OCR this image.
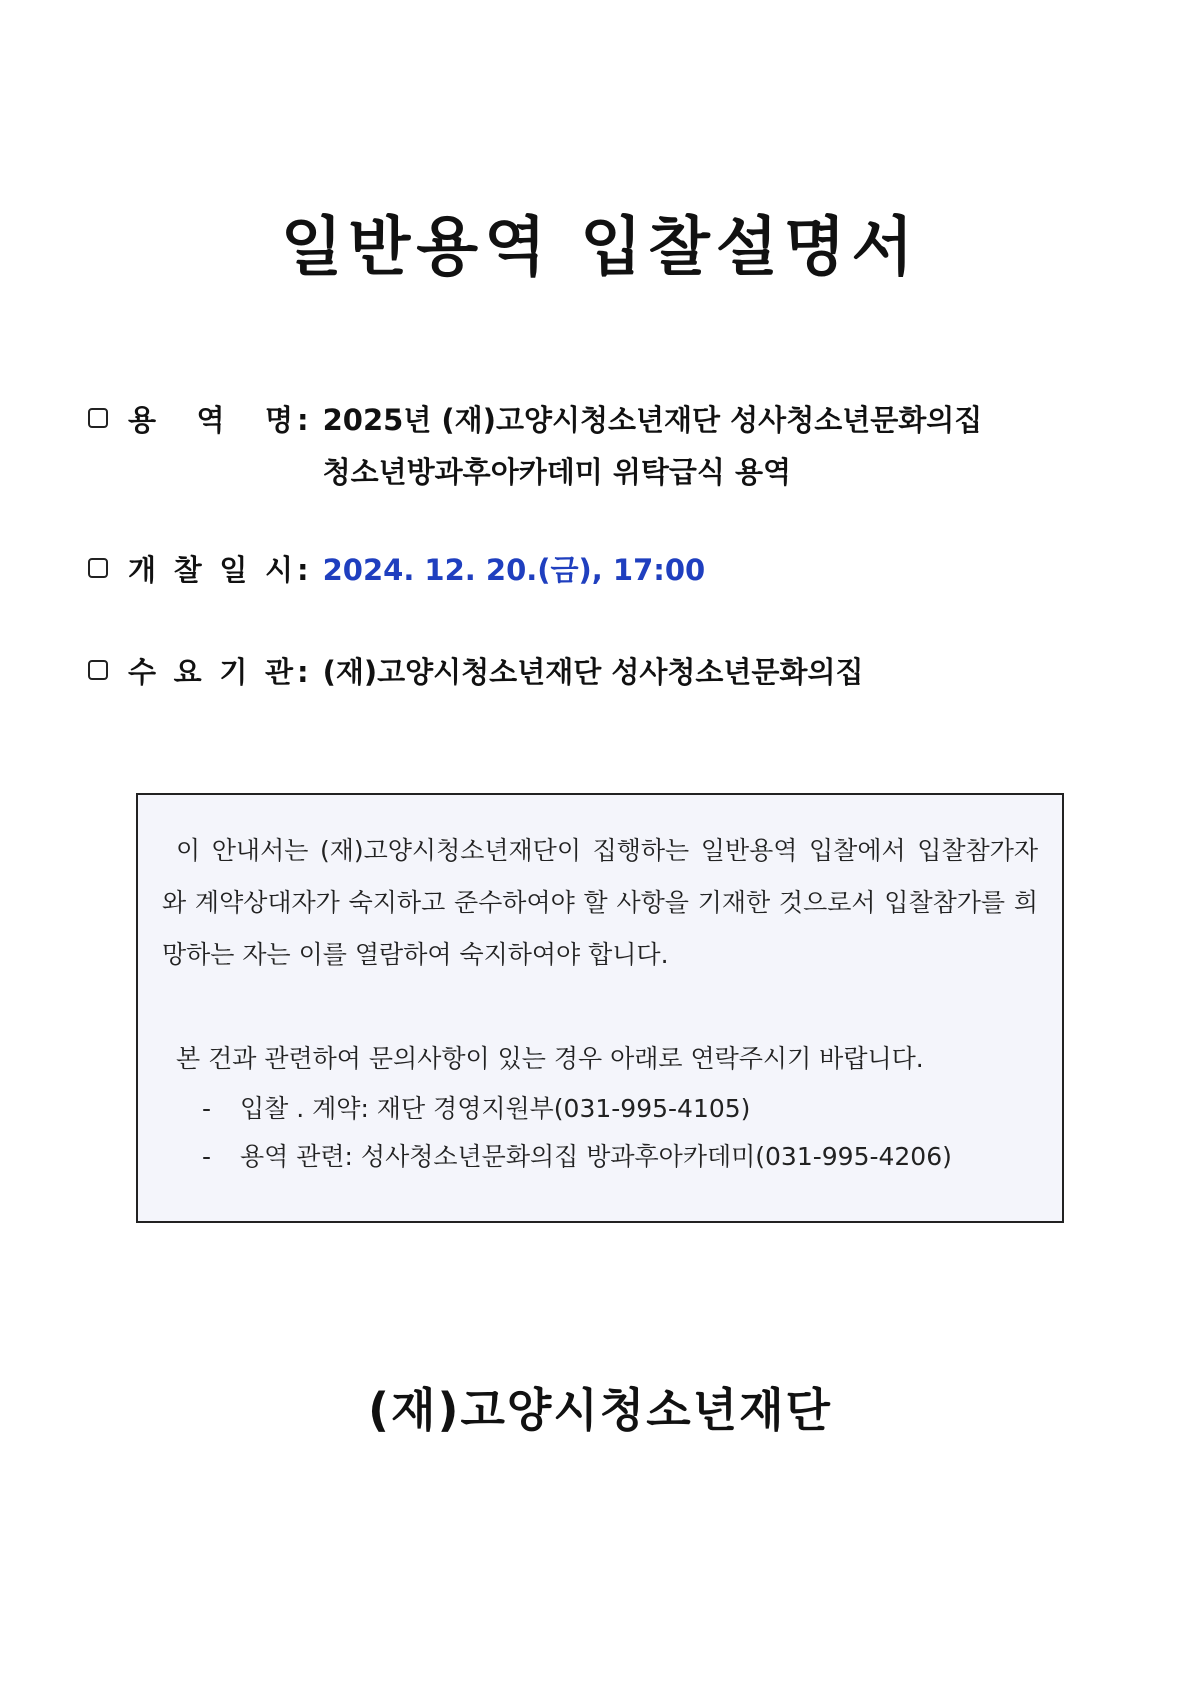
일반용역 입찰설명서
용 역 명 : 2025년 (재)고양시청소년재단 성사청소년문화의집
청소년방과후아카데미 위탁급식 용역
개 찰 일 시 : 2024. 12. 20.(금), 17:00
수 요 기 관 : (재)고양시청소년재단 성사청소년문화의집

이 안내서는 (재)고양시청소년재단이 집행하는 일반용역 입찰에서 입찰참가자와 계약상대자가 숙지하고 준수하여야 할 사항을 기재한 것으로서 입찰참가를 희망하는 자는 이를 열람하여 숙지하여야 합니다.

본 건과 관련하여 문의사항이 있는 경우 아래로 연락주시기 바랍니다.

-	입찰 . 계약: 재단 경영지원부(031-995-4105)
-	용역 관련: 성사청소년문화의집 방과후아카데미(031-995-4206)
(재)고양시청소년재단
